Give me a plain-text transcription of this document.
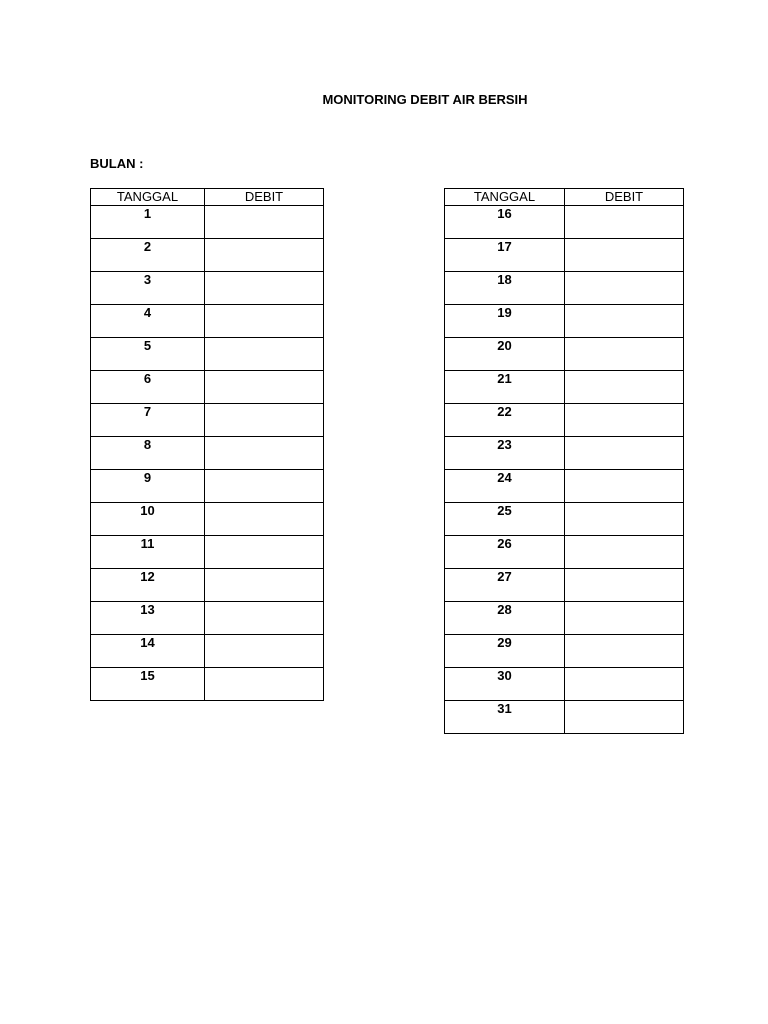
MONITORING DEBIT AIR BERSIH
BULAN :
TANGGAL	DEBIT
1	
2	
3	
4	
5	
6	
7	
8	
9	
10	
11	
12	
13	
14	
15	
TANGGAL	DEBIT
16	
17	
18	
19	
20	
21	
22	
23	
24	
25	
26	
27	
28	
29	
30	
31	
